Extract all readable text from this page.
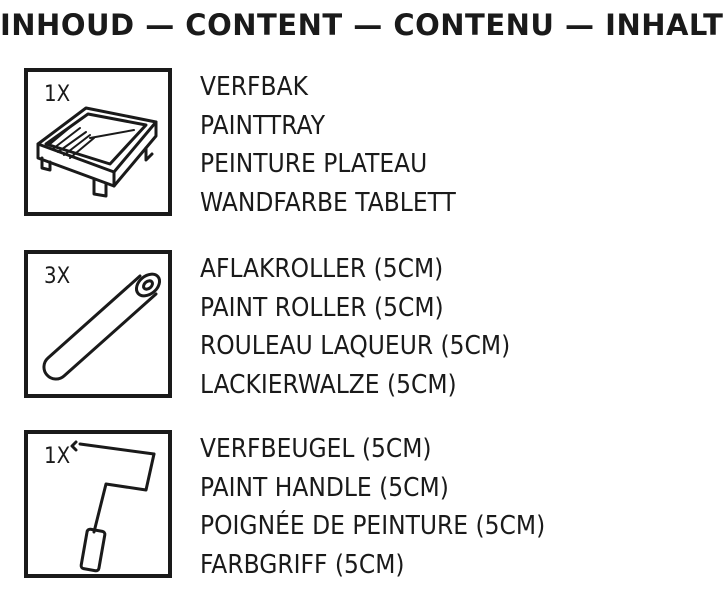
INHOUD — CONTENT — CONTENU — INHALT
1X	VERFBAK
PAINTTRAY
PEINTURE PLATEAU
WANDFARBE TABLETT
3X	AFLAKROLLER (5CM)
PAINT ROLLER (5CM)
ROULEAU LAQUEUR (5CM)
LACKIERWALZE (5CM)
1X	VERFBEUGEL (5CM)
PAINT HANDLE (5CM)
POIGNÉE DE PEINTURE (5CM)
FARBGRIFF (5CM)
